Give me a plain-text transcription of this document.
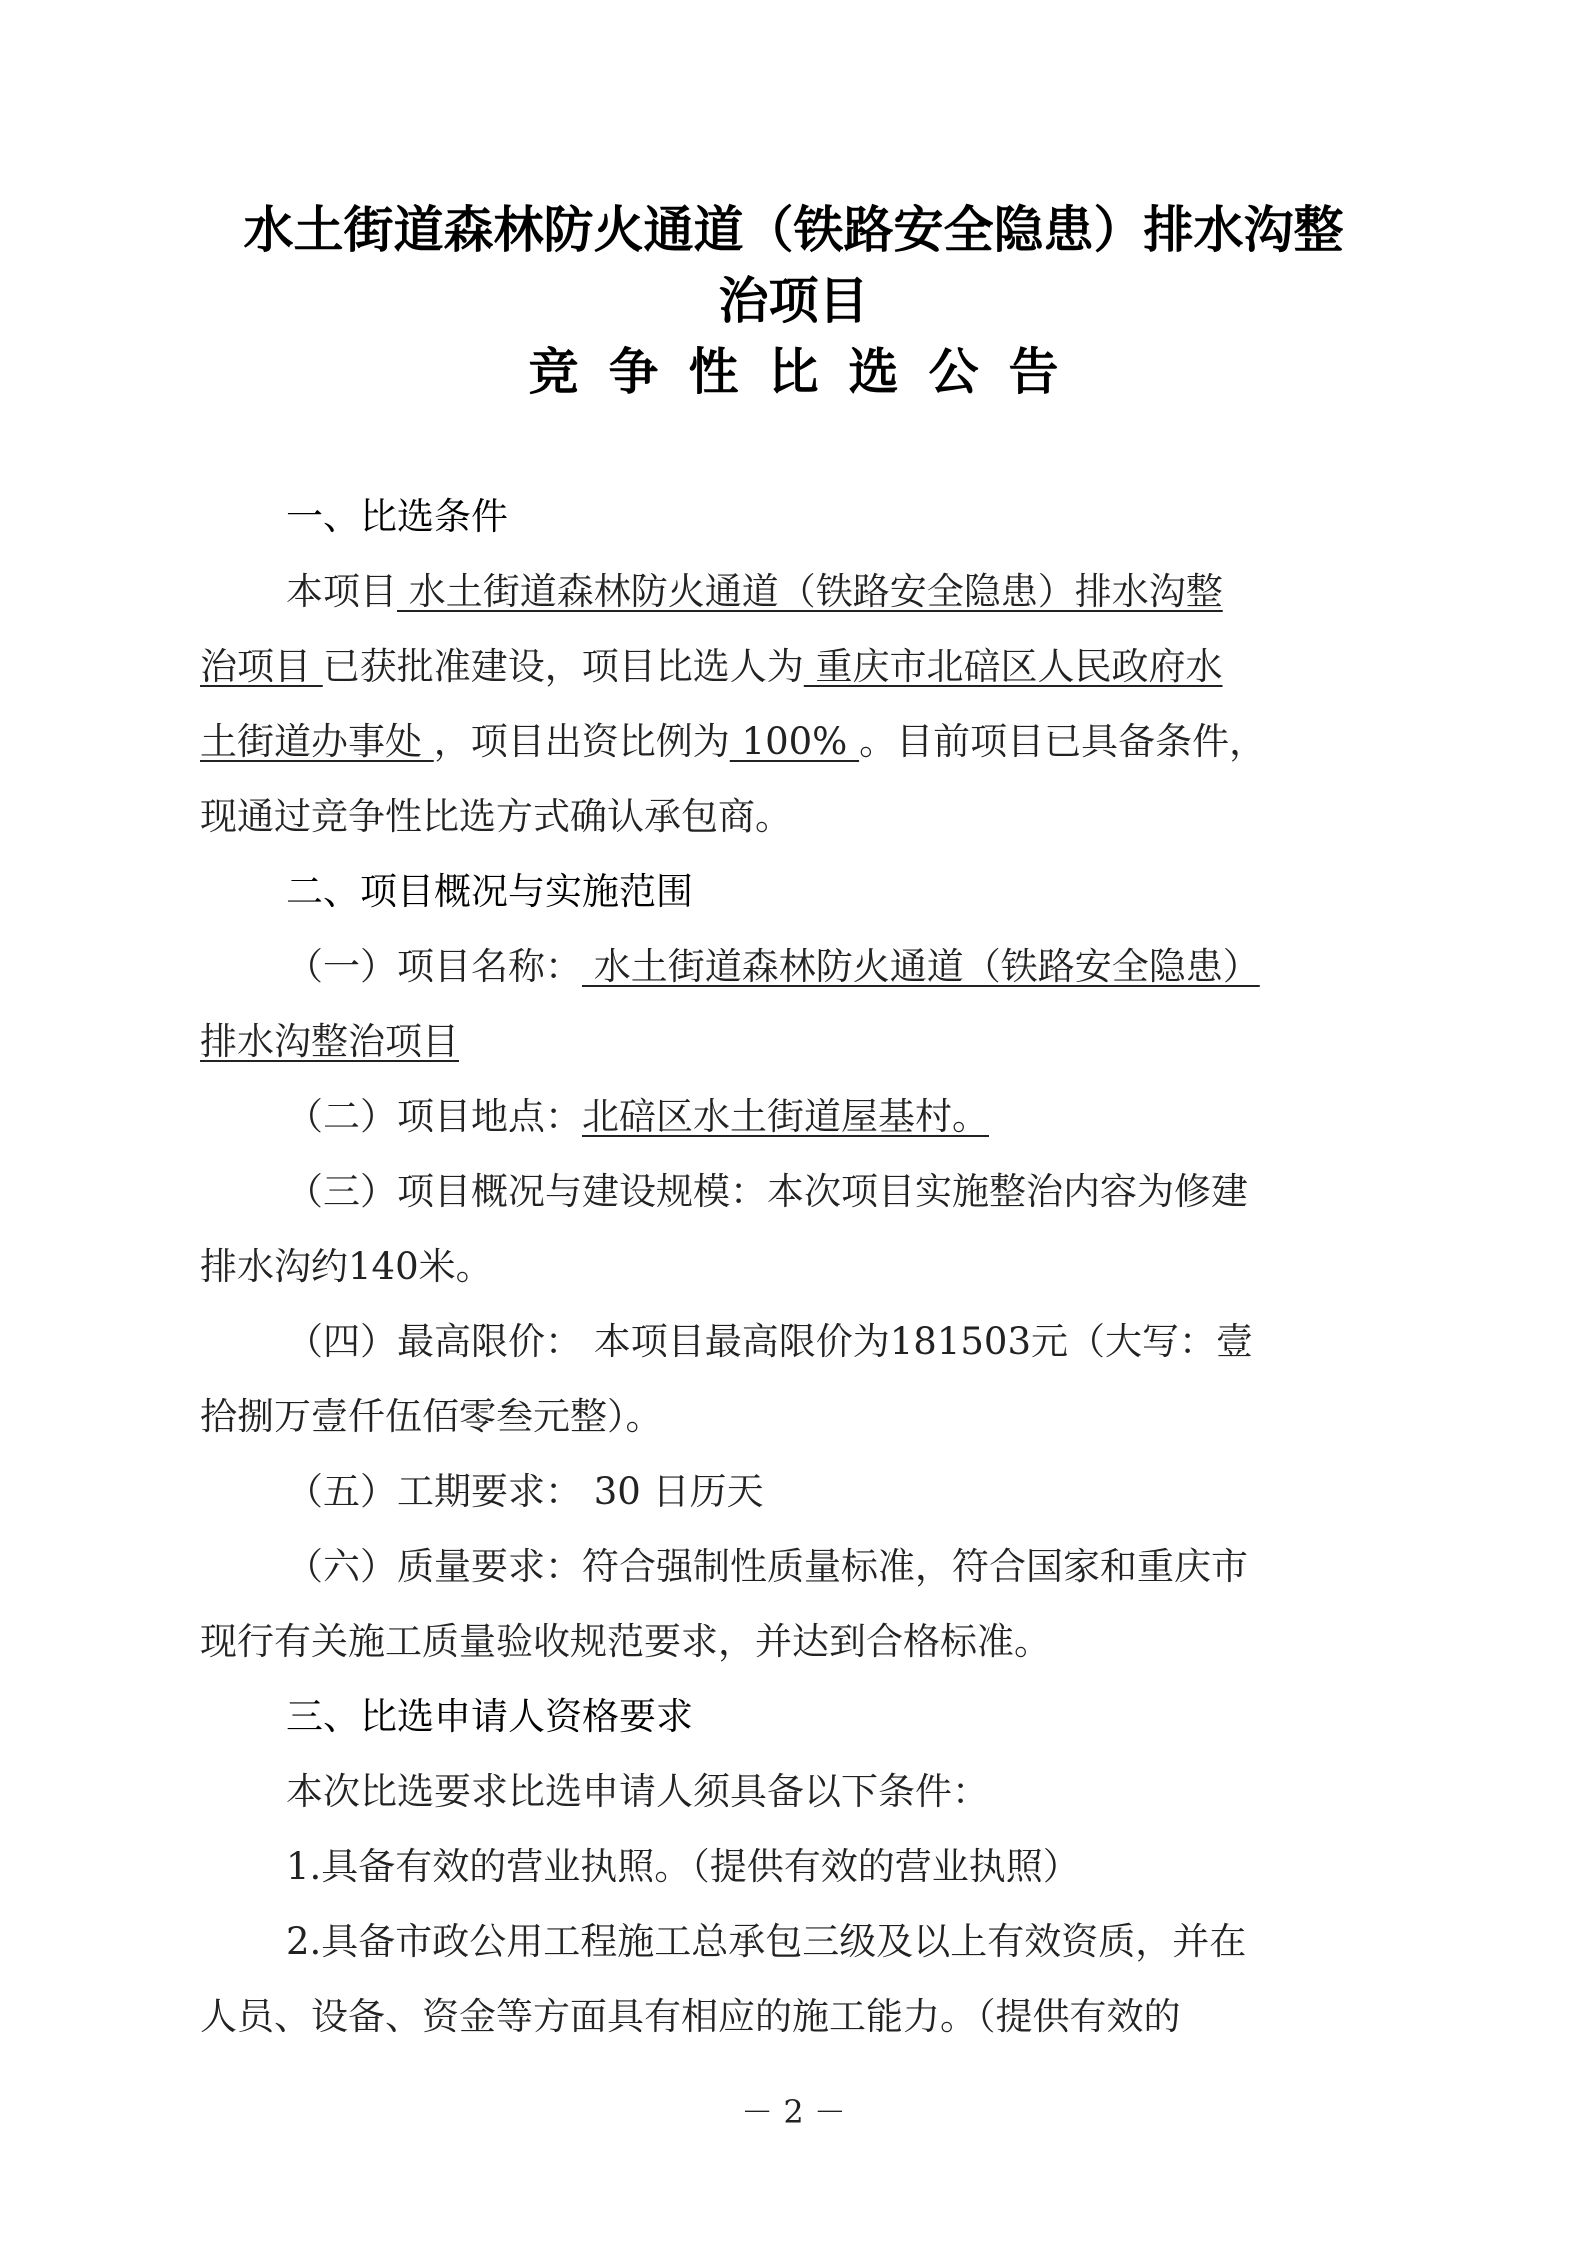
水土街道森林防火通道（铁路安全隐患）排水沟整
治项目
竞争性比选公告
一、比选条件
本项目 水土街道森林防火通道（铁路安全隐患）排水沟整
治项目 已获批准建设，项目比选人为 重庆市北碚区人民政府水
土街道办事处 ，项目出资比例为 100% 。目前项目已具备条件，
现通过竞争性比选方式确认承包商。
二、项目概况与实施范围
（一）项目名称： 水土街道森林防火通道（铁路安全隐患）
排水沟整治项目
（二）项目地点：北碚区水土街道屋基村。
（三）项目概况与建设规模：本次项目实施整治内容为修建
排水沟约140米。
（四）最高限价： 本项目最高限价为181503元（大写：壹
拾捌万壹仟伍佰零叁元整）。
（五）工期要求： 30 日历天
（六）质量要求：符合强制性质量标准，符合国家和重庆市
现行有关施工质量验收规范要求，并达到合格标准。
三、比选申请人资格要求
本次比选要求比选申请人须具备以下条件：
1.具备有效的营业执照。（提供有效的营业执照）
2.具备市政公用工程施工总承包三级及以上有效资质，并在
人员、设备、资金等方面具有相应的施工能力。（提供有效的
－ 2 －
